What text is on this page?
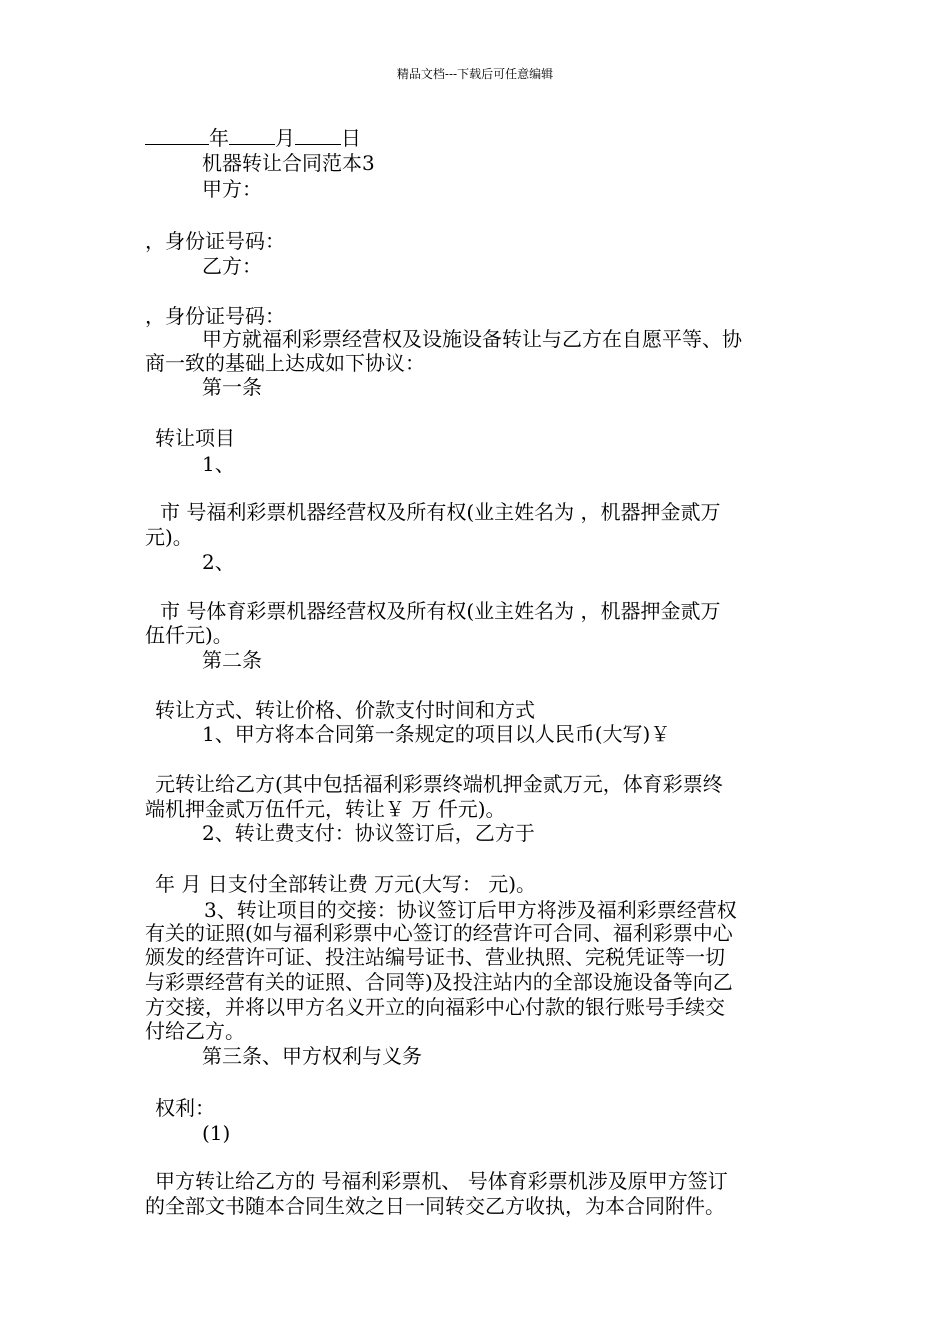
精品文档---下载后可任意编辑
年 月 日
机器转让合同范本3
甲方：
，身份证号码：
乙方：
，身份证号码：
甲方就福利彩票经营权及设施设备转让与乙方在自愿平等、协
商一致的基础上达成如下协议：
第一条
转让项目
1、
市 号福利彩票机器经营权及所有权(业主姓名为 ，机器押金贰万
元)。
2、
市 号体育彩票机器经营权及所有权(业主姓名为 ，机器押金贰万
伍仟元)。
第二条
转让方式、转让价格、价款支付时间和方式
1、甲方将本合同第一条规定的项目以人民币(大写)￥
元转让给乙方(其中包括福利彩票终端机押金贰万元，体育彩票终
端机押金贰万伍仟元，转让￥ 万 仟元)。
2、转让费支付：协议签订后，乙方于
年 月 日支付全部转让费 万元(大写： 元)。
3、转让项目的交接：协议签订后甲方将涉及福利彩票经营权
有关的证照(如与福利彩票中心签订的经营许可合同、福利彩票中心
颁发的经营许可证、投注站编号证书、营业执照、完税凭证等一切
与彩票经营有关的证照、合同等)及投注站内的全部设施设备等向乙
方交接，并将以甲方名义开立的向福彩中心付款的银行账号手续交
付给乙方。
第三条、甲方权利与义务
权利：
(1)
甲方转让给乙方的 号福利彩票机、 号体育彩票机涉及原甲方签订
的全部文书随本合同生效之日一同转交乙方收执，为本合同附件。
